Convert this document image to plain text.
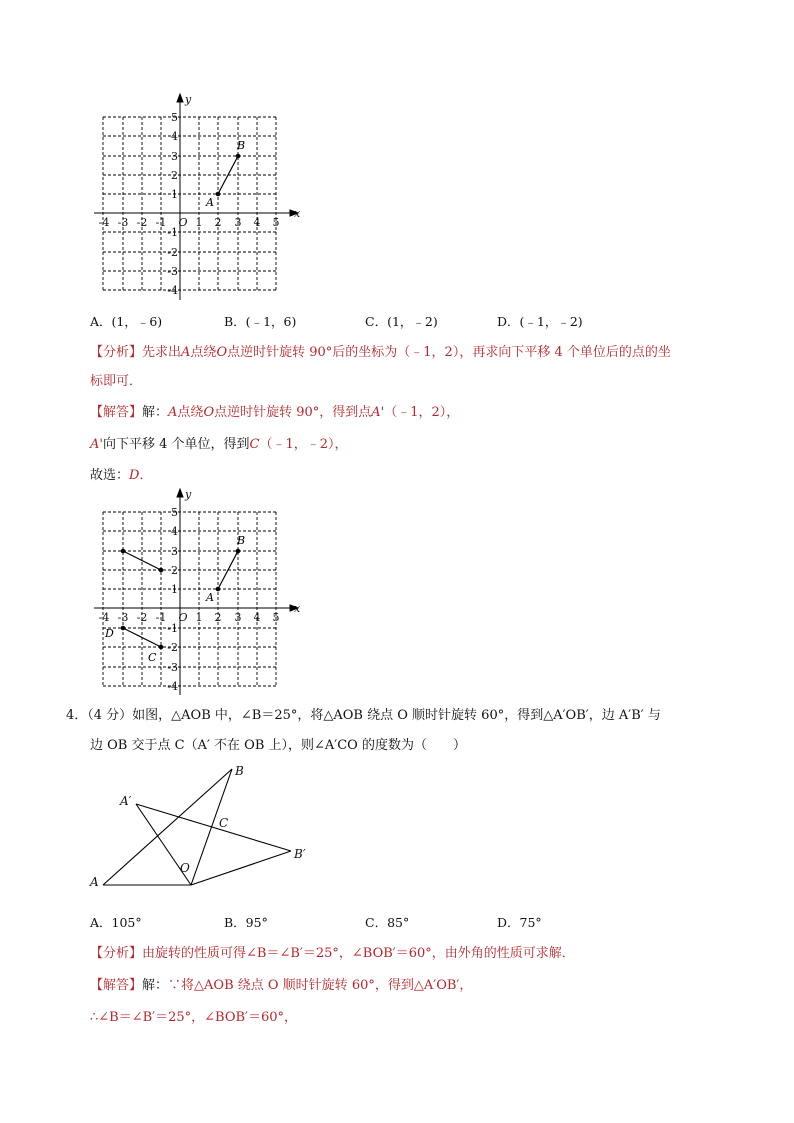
x
y
-4 -3 -2 -1	1 2 3 4 5
O
5
4
3
2
1
-1
-2
-3
-4
A
B
A．(1，﹣6)	B．(﹣1，6)	C．(1，﹣2)	D．(﹣1，﹣2)
【分析】先求出A点绕O点逆时针旋转 90°后的坐标为（﹣1，2），再求向下平移 4 个单位后的点的坐
标即可．
【解答】解：A点绕O点逆时针旋转 90°，得到点A'（﹣1，2），
A'向下平移 4 个单位，得到C（﹣1，﹣2），
故选：D．
x
y
-4 -3 -2 -1	1 2 3 4 5
O
5
4
3
2
1
-1
-2
-3
-4
A
B
C
D
4．（4 分）如图，△AOB 中，∠B＝25°，将△AOB 绕点 O 顺时针旋转 60°，得到△A′OB′，边 A′B′ 与
边 OB 交于点 C（A′ 不在 OB 上），则∠A′CO 的度数为（　　）
B
A′
C
B′
A
O
A．105°	B．95°	C．85°	D．75°
【分析】由旋转的性质可得∠B＝∠B′＝25°，∠BOB′＝60°，由外角的性质可求解．
【解答】解：∵将△AOB 绕点 O 顺时针旋转 60°，得到△A′OB′，
∴∠B＝∠B′＝25°，∠BOB′＝60°，
